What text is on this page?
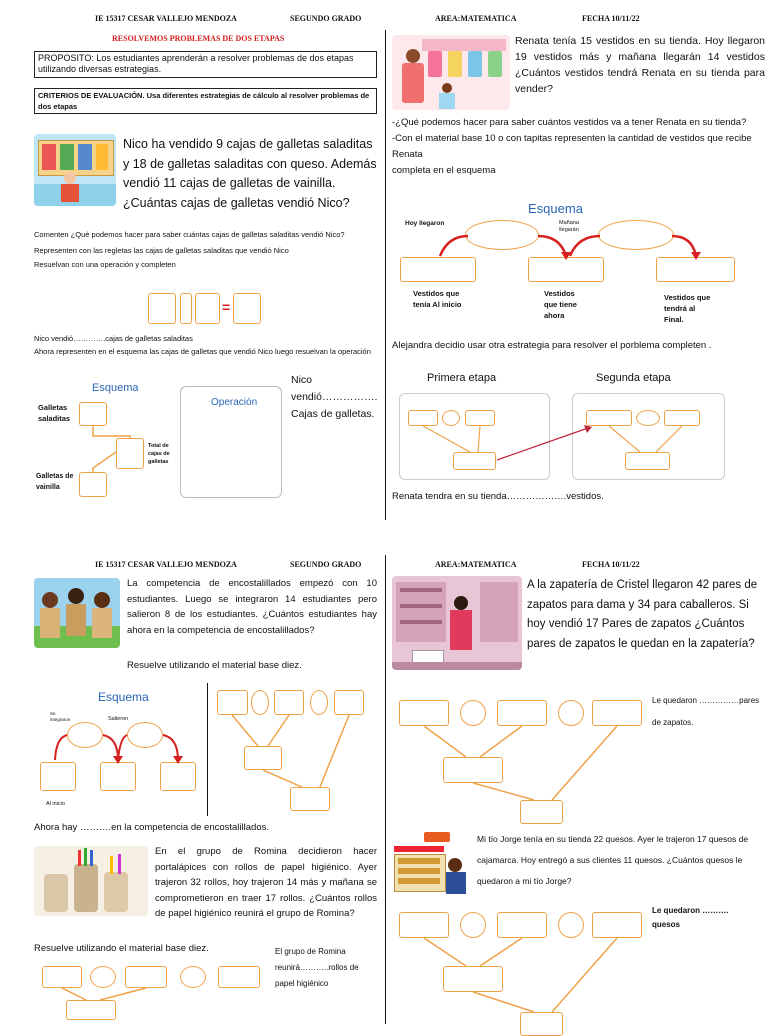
IE 15317 CESAR VALLEJO MENDOZA	SEGUNDO GRADO	AREA:MATEMATICA	FECHA 10/11/22
RESOLVEMOS PROBLEMAS DE DOS ETAPAS
PROPOSITO: Los estudiantes aprenderán a resolver problemas de dos etapas utilizando diversas estrategias.
CRITERIOS DE EVALUACIÓN. Usa diferentes estrategias de cálculo al resolver problemas de dos etapas
Nico ha vendido 9 cajas de galletas saladitas y 18 de galletas saladitas con queso. Además vendió 11 cajas de galletas de vainilla. ¿Cuántas cajas de galletas vendió Nico?
Comenten ¿Qué podemos hacer para saber cuántas cajas de galletas saladitas vendió Nico?
Representen con las regletas las cajas de galletas saladitas que vendió Nico
Resuelvan con una operación y completen
=
Nico vendió………….cajas de galletas saladitas
Ahora representen en el esquema las cajas de galletas que vendió Nico luego resuelvan la operación
Esquema
Galletas saladitas
Galletas de vainilla
Total de cajas de galletas
Operación
Nico vendió……………. Cajas de galletas.
Renata tenía 15 vestidos en su tienda. Hoy llegaron 19 vestidos más y mañana llegarán 14 vestidos ¿Cuántos vestidos tendrá Renata en su tienda para vender?
-¿Qué podemos hacer para saber cuántos vestidos va a tener Renata en su tienda?
-Con el material base 10 o con tapitas representen la cantidad de vestidos que recibe Renata
completa en el esquema
Esquema
Hoy llegaron	Mañana llegarán
Vestidos que tenía Al inicio
Vestidos que tiene ahora
Vestidos que tendrá al Final.
Alejandra decidio usar otra estrategia para resolver el porblema completen .
Primera etapa	Segunda etapa
Renata tendra en su tienda……………….vestidos.
IE 15317 CESAR VALLEJO MENDOZA	SEGUNDO GRADO	AREA:MATEMATICA	FECHA 10/11/22
La competencia de encostalillados empezó con 10 estudiantes. Luego se integraron 14 estudiantes pero salieron 8 de los estudiantes. ¿Cuántos estudiantes hay ahora en la competencia de encostalillados?
Resuelve utilizando el material base diez.
Esquema
Se integraron	Salieron
Al inicio
Ahora hay ……….en la competencia de encostalillados.
En el grupo de Romina decidieron hacer portalápices con rollos de papel higiénico. Ayer trajeron 32 rollos, hoy trajeron 14 más y mañana se comprometieron en traer 17 rollos. ¿Cuántos rollos de papel higiénico reunirá el grupo de Romina?
Resuelve utilizando el material base diez.	El grupo de Romina reunirá………..rollos de papel higiénico
A la zapatería de Cristel llegaron 42 pares de zapatos para dama y 34 para caballeros. Si hoy vendió 17 Pares de zapatos ¿Cuántos pares de zapatos le quedan en la zapatería?
Le quedaron ……………pares de zapatos.
Mi tío Jorge tenía en su tienda 22 quesos. Ayer le trajeron 17 quesos de cajamarca. Hoy entregó a sus clientes 11 quesos. ¿Cuántos quesos le quedaron a mi tío Jorge?
Le quedaron ………. quesos
